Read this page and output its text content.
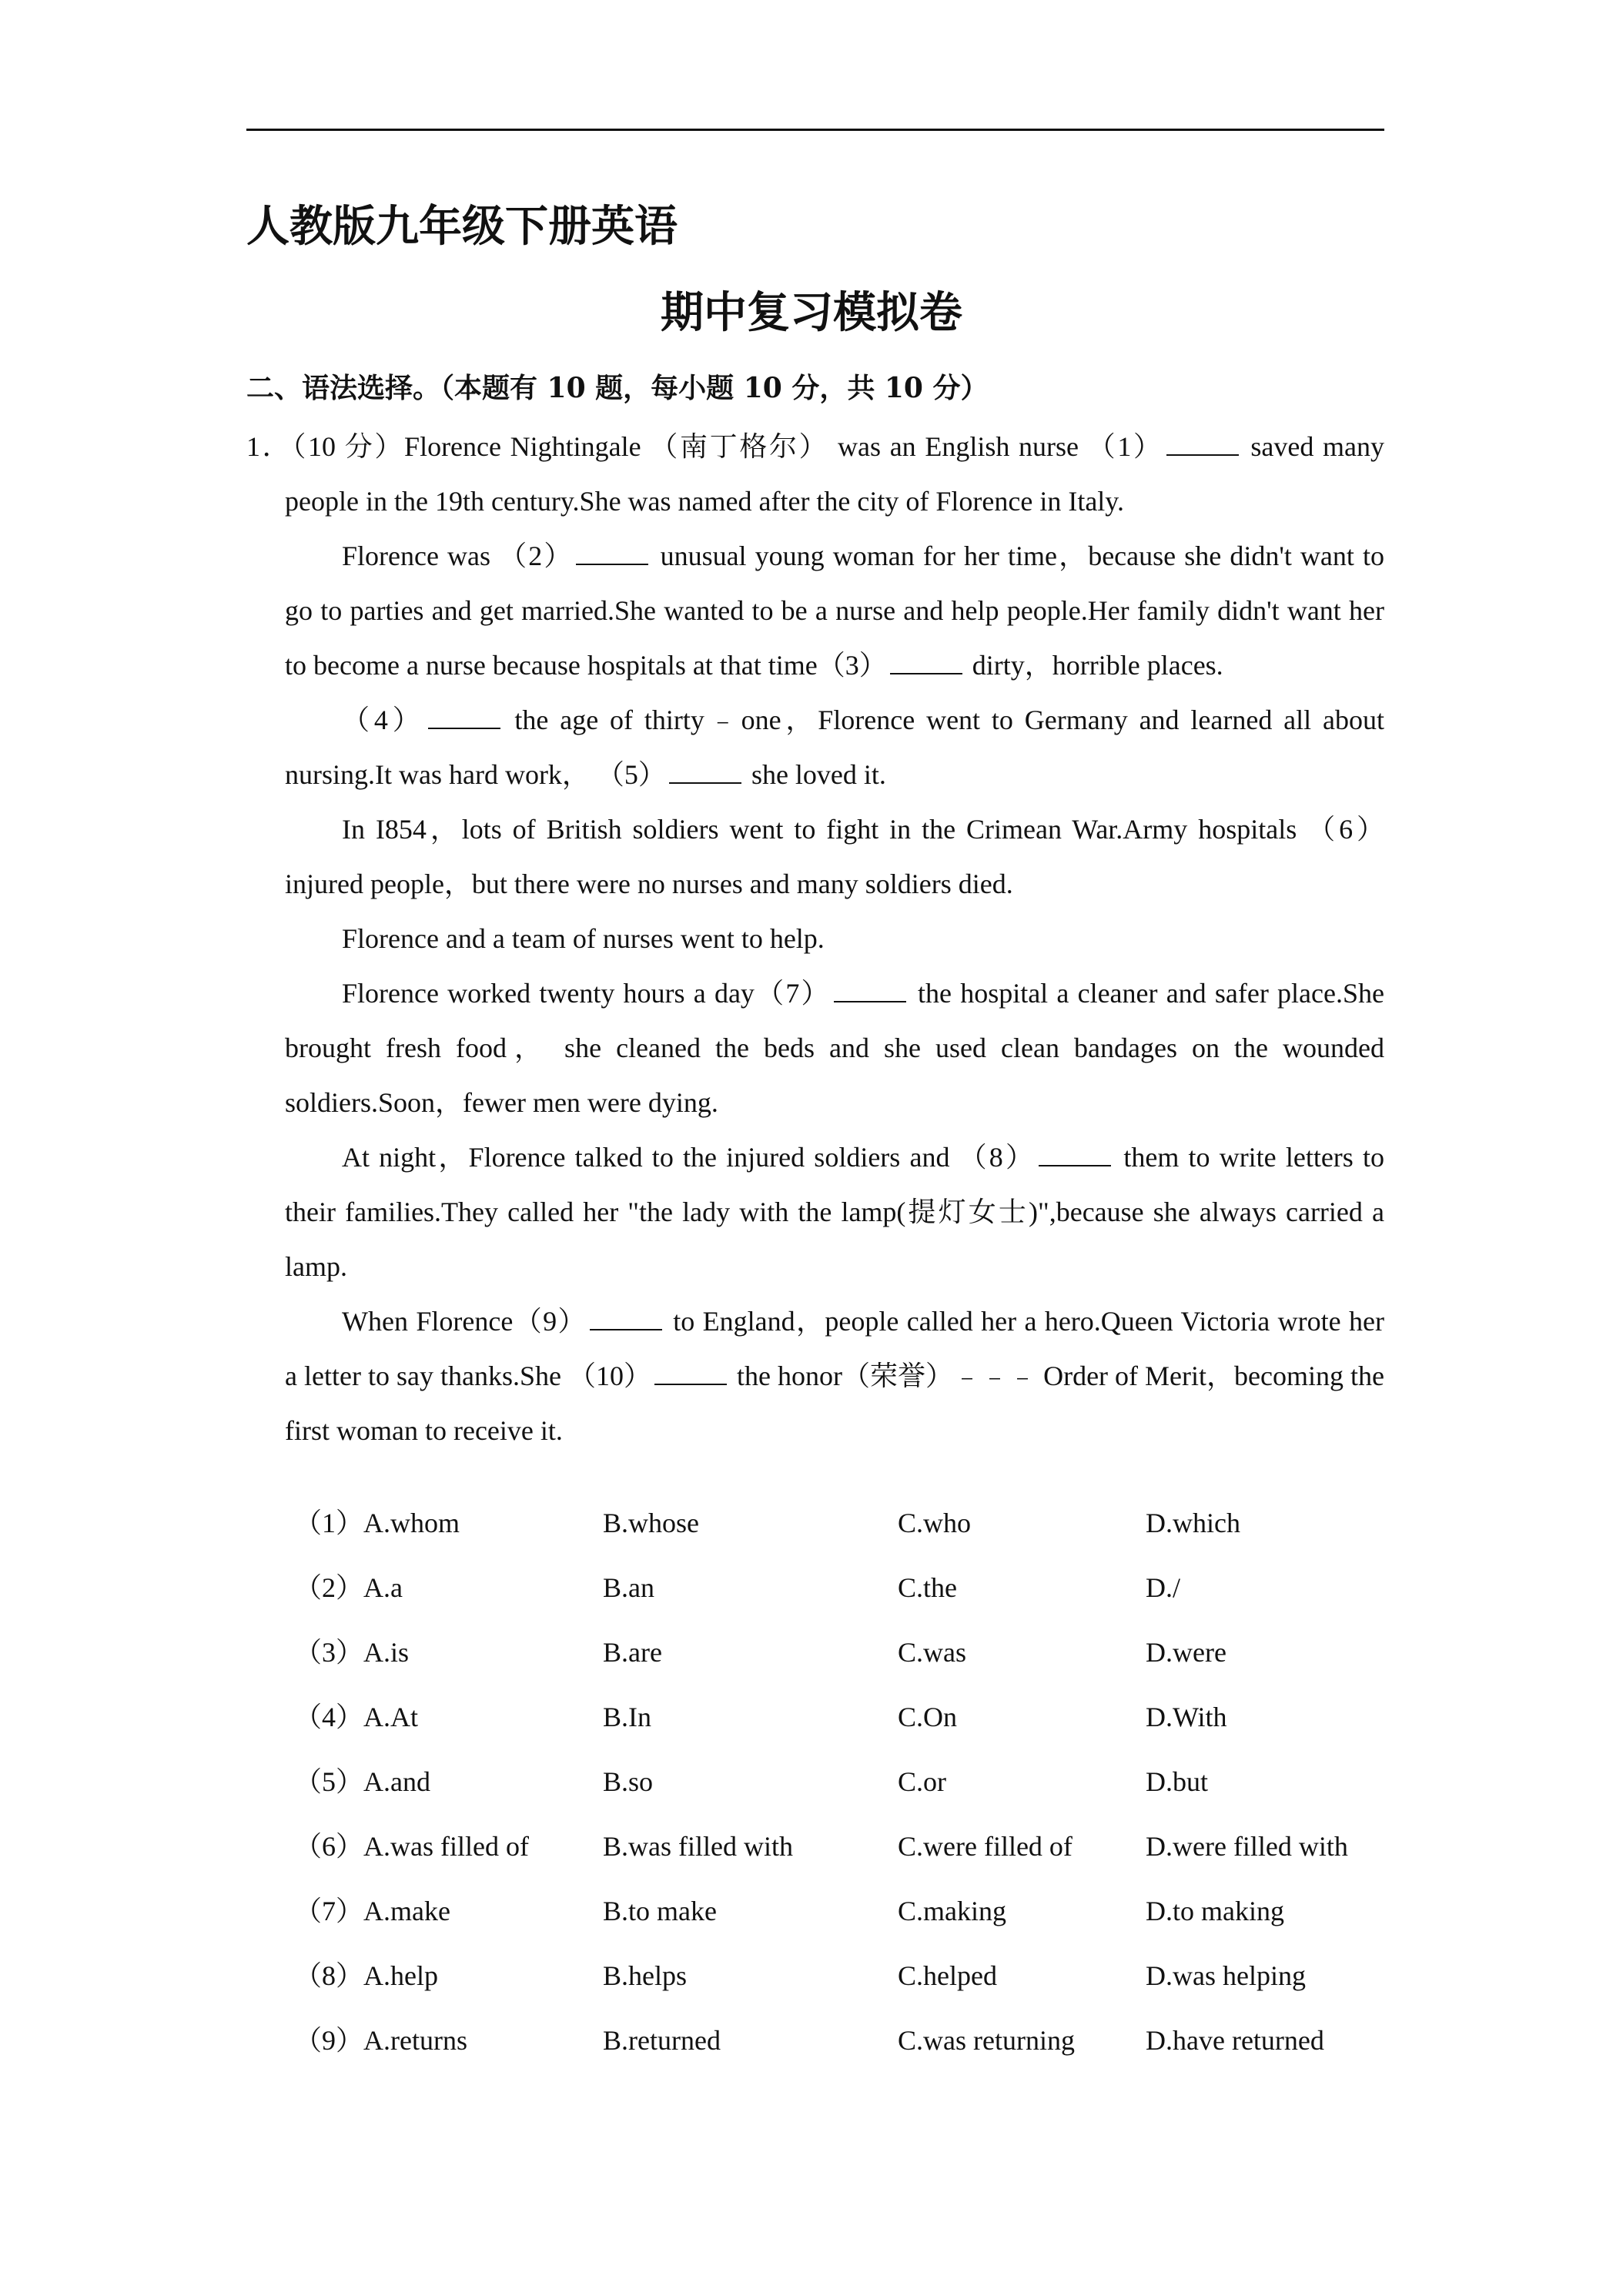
人教版九年级下册英语
期中复习模拟卷
二、语法选择。（本题有 10 题，每小题 10 分，共 10 分）

1．（10 分）Florence Nightingale （南丁格尔） was an English nurse （1）	saved many people in the 19th century.She was named after the city of Florence in Italy.

Florence was （2）	unusual young woman for her time，because she didn't want to go to parties and get married.She wanted to be a nurse and help people.Her family didn't want her to become a nurse because hospitals at that time（3）	dirty，horrible places.

（4）	the age of thirty﹣one，Florence went to Germany and learned all about nursing.It was hard work， （5）	she loved it.

In I854，lots of British soldiers went to fight in the Crimean War.Army hospitals （6） injured people，but there were no nurses and many soldiers died.

Florence and a team of nurses went to help.

Florence worked twenty hours a day（7）	the hospital a cleaner and safer place.She brought fresh food， she cleaned the beds and she used clean bandages on the wounded soldiers.Soon，fewer men were dying.

At night，Florence talked to the injured soldiers and （8）	them to write letters to their families.They called her "the lady with the lamp(提灯女士)",because she always carried a lamp.

When Florence（9）	to England，people called her a hero.Queen Victoria wrote her a letter to say thanks.She （10）	the honor（荣誉）﹣﹣﹣ Order of Merit，becoming the first woman to receive it.

（1）A.whom	B.whose	C.who	D.which
（2）A.a	B.an	C.the	D./
（3）A.is	B.are	C.was	D.were
（4）A.At	B.In	C.On	D.With
（5）A.and	B.so	C.or	D.but
（6）A.was filled of	B.was filled with	C.were filled of	D.were filled with
（7）A.make	B.to make	C.making	D.to making
（8）A.help	B.helps	C.helped	D.was helping
（9）A.returns	B.returned	C.was returning	D.have returned
